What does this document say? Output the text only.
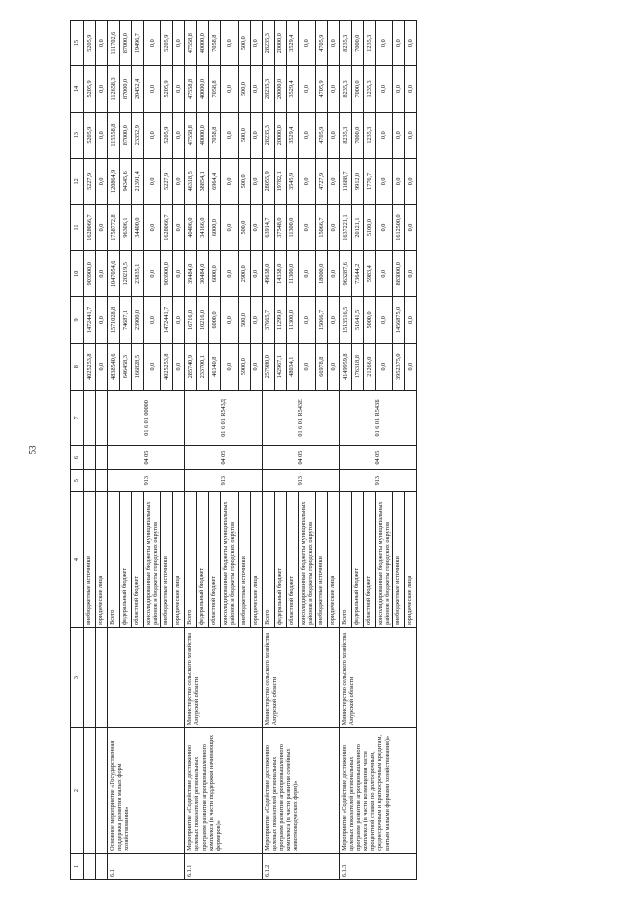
53
1	2	3	4	5	6	7	8	9	10	11	12	13	14	15
			внебюджетные источники				4025253,8	1472441,7	903900,0	1628066,7	5227,9	5205,9	5205,9	5205,9
			юридические лица				0,0	0,0	0,0	0,0	0,0	0,0	0,0	0,0
6.1	Основное мероприятие «Государственная поддержка развития малых форм хозяйствования»		Всего	913	04 05	01 6 01 00000	4838540,6	1571028,8	1047054,6	1758772,8	120864,9	115558,8	112658,3	111702,6
			федеральный бюджет				646458,3	74687,1	120219,5	96306,1	94345,6	87000,0	87000,0	87000,0
			областной бюджет				166828,5	23900,0	23835,1	34400,0	21391,4	23352,9	20452,4	19496,7
			консолидированные бюджеты муниципальных районов и бюджеты городских округов				0,0	0,0	0,0	0,0	0,0	0,0	0,0	0,0
			внебюджетные источники				4025253,8	1472441,7	903900,0	1628066,7	5227,9	5205,9	5205,9	5205,9
			юридические лица				0,0	0,0	0,0	0,0	0,0	0,0	0,0	0,0
6.1.1	Мероприятие «Содействие достижению целевых показателей региональных программ развития агропромышленного комплекса (в части поддержки начинающих фермеров)»	Министерство сельского хозяйства Амурской области	Всего	913	04 05	01 6 01 R543Д	285740,9	16716,0	39484,0	40406,0	46318,5	47558,8	47558,8	47558,8
			федеральный бюджет				233700,1	10216,0	30484,0	34166,0	38854,1	40000,0	40000,0	40000,0
			областной бюджет				46140,8	6000,0	6000,0	6000,0	6964,4	7058,8	7058,8	7058,8
			консолидированные бюджеты муниципальных районов и бюджеты городских округов				0,0	0,0	0,0	0,0	0,0	0,0	0,0	0,0
			внебюджетные источники				5900,0	500,0	2900,0	500,0	500,0	500,0	500,0	500,0
			юридические лица				0,0	0,0	0,0	0,0	0,0	0,0	0,0	0,0
6.1.2	Мероприятие «Содействие достижению целевых показателей региональных программ развития агропромышленного комплекса (в части развития семейных животноводческих ферм)»	Министерство сельского хозяйства Амурской области	Всего	913	04 05	01 6 01 R543Е	257980,0	37665,7	49638,0	63914,7	28055,9	28235,3	28235,3	28235,3
			федеральный бюджет				142967,1	11299,0	14338,0	37548,0	19782,1	20000,0	20000,0	20000,0
			областной бюджет				48034,1	11300,0	11300,0	11300,0	3545,9	3529,4	3529,4	3529,4
			консолидированные бюджеты муниципальных районов и бюджеты городских округов				0,0	0,0	0,0	0,0	0,0	0,0	0,0	0,0
			внебюджетные источники				66978,8	15066,7	18000,0	15066,7	4727,9	4705,9	4705,9	4705,9
			юридические лица				0,0	0,0	0,0	0,0	0,0	0,0	0,0	0,0
6.1.3	Мероприятие «Содействие достижению целевых показателей региональных программ развития агропромышленного комплекса (в части возмещения части процентной ставки по долгосрочным, среднесрочным и краткосрочным кредитам, взятым малыми формами хозяйствования)»	Министерство сельского хозяйства Амурской области	Всего	913	04 05	01 6 01 R543Б	4149959,8	1513516,5	963287,6	1637221,1	11688,7	8235,3	8235,3	8235,3
			федеральный бюджет				176318,8	51641,5	73644,2	20121,1	9912,0	7000,0	7000,0	7000,0
			областной бюджет				21266,0	5000,0	5983,4	5100,0	1776,7	1235,3	1235,3	1235,3
			консолидированные бюджеты муниципальных районов и бюджеты городских округов				0,0	0,0	0,0	0,0	0,0	0,0	0,0	0,0
			внебюджетные источники				3952375,0	1456875,0	883000,0	1612500,0	0,0	0,0	0,0	0,0
			юридические лица				0,0	0,0	0,0	0,0	0,0	0,0	0,0	0,0
